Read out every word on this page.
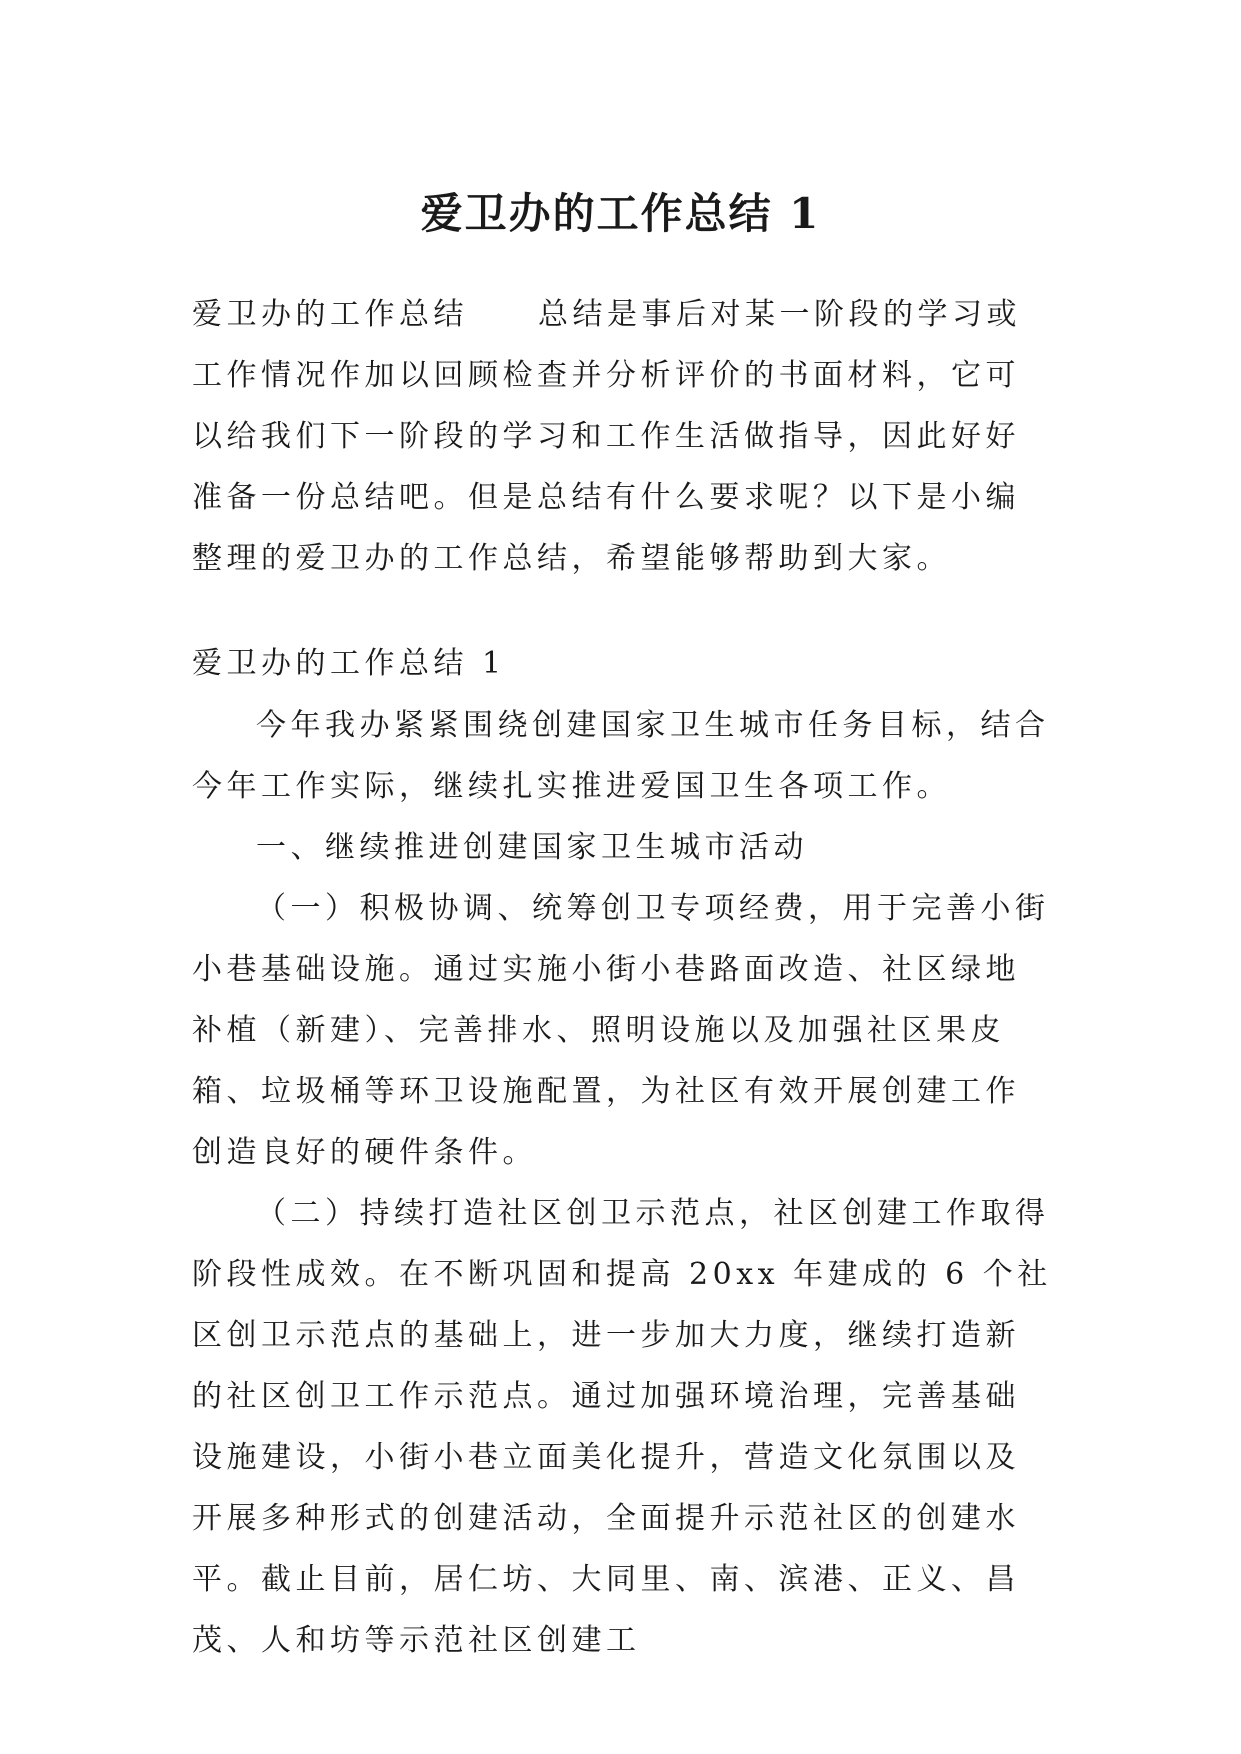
爱卫办的工作总结 1

爱卫办的工作总结 总结是事后对某一阶段的学习或工作情况作加以回顾检查并分析评价的书面材料，它可以给我们下一阶段的学习和工作生活做指导，因此好好准备一份总结吧。但是总结有什么要求呢？以下是小编整理的爱卫办的工作总结，希望能够帮助到大家。

爱卫办的工作总结 1

今年我办紧紧围绕创建国家卫生城市任务目标，结合今年工作实际，继续扎实推进爱国卫生各项工作。

一、继续推进创建国家卫生城市活动

（一）积极协调、统筹创卫专项经费，用于完善小街小巷基础设施。通过实施小街小巷路面改造、社区绿地补植（新建）、完善排水、照明设施以及加强社区果皮箱、垃圾桶等环卫设施配置，为社区有效开展创建工作创造良好的硬件条件。

（二）持续打造社区创卫示范点，社区创建工作取得阶段性成效。在不断巩固和提高 20xx 年建成的 6 个社区创卫示范点的基础上，进一步加大力度，继续打造新的社区创卫工作示范点。通过加强环境治理，完善基础设施建设，小街小巷立面美化提升，营造文化氛围以及开展多种形式的创建活动，全面提升示范社区的创建水平。截止目前，居仁坊、大同里、南、滨港、正义、昌茂、人和坊等示范社区创建工
